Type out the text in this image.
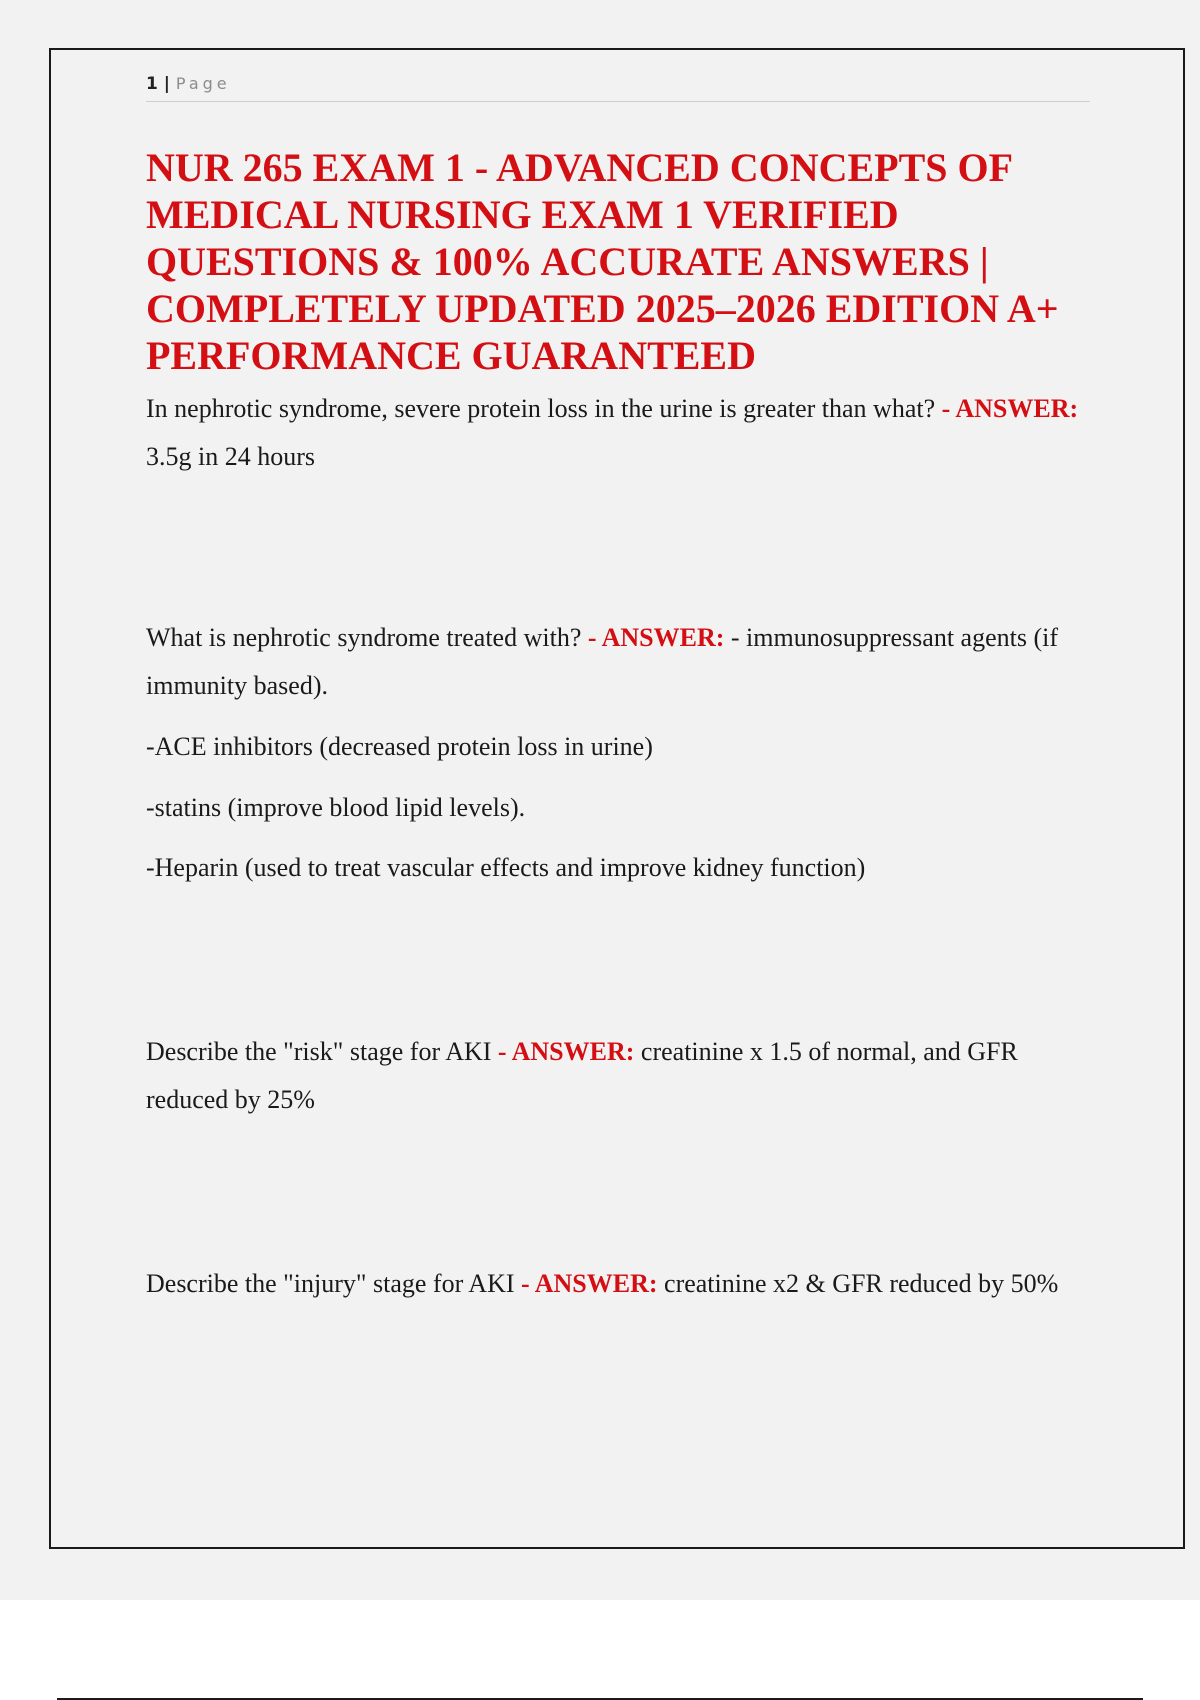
1 | Page
NUR 265 EXAM 1 - ADVANCED CONCEPTS OF MEDICAL NURSING EXAM 1 VERIFIED QUESTIONS & 100% ACCURATE ANSWERS | COMPLETELY UPDATED 2025–2026 EDITION A+ PERFORMANCE GUARANTEED

In nephrotic syndrome, severe protein loss in the urine is greater than what? - ANSWER: 3.5g in 24 hours

What is nephrotic syndrome treated with? - ANSWER: - immunosuppressant agents (if immunity based).

-ACE inhibitors (decreased protein loss in urine)

-statins (improve blood lipid levels).

-Heparin (used to treat vascular effects and improve kidney function)

Describe the "risk" stage for AKI - ANSWER: creatinine x 1.5 of normal, and GFR reduced by 25%

Describe the "injury" stage for AKI - ANSWER: creatinine x2 & GFR reduced by 50%
